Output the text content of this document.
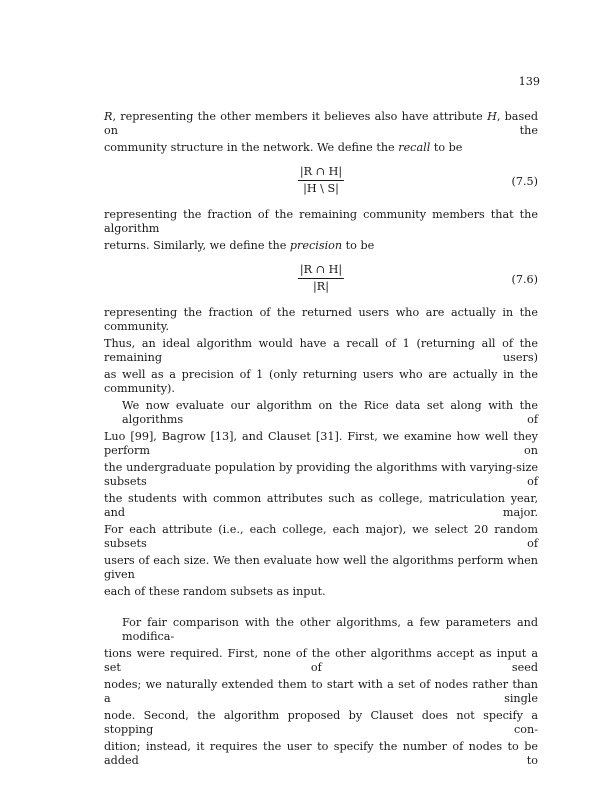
139
R, representing the other members it believes also have attribute H, based on the
community structure in the network. We define the recall to be
$\frac{|R \cap H|}{|H \backslash S|}$	(7.5)
representing the fraction of the remaining community members that the algorithm
returns. Similarly, we define the precision to be
$\frac{|R \cap H|}{|R|}$	(7.6)
representing the fraction of the returned users who are actually in the community.
Thus, an ideal algorithm would have a recall of 1 (returning all of the remaining users)
as well as a precision of 1 (only returning users who are actually in the community).
We now evaluate our algorithm on the Rice data set along with the algorithms of
Luo [99], Bagrow [13], and Clauset [31]. First, we examine how well they perform on
the undergraduate population by providing the algorithms with varying-size subsets of
the students with common attributes such as college, matriculation year, and major.
For each attribute (i.e., each college, each major), we select 20 random subsets of
users of each size. We then evaluate how well the algorithms perform when given
each of these random subsets as input.
For fair comparison with the other algorithms, a few parameters and modifica-
tions were required. First, none of the other algorithms accept as input a set of seed
nodes; we naturally extended them to start with a set of nodes rather than a single
node. Second, the algorithm proposed by Clauset does not specify a stopping con-
dition; instead, it requires the user to specify the number of nodes to be added to
